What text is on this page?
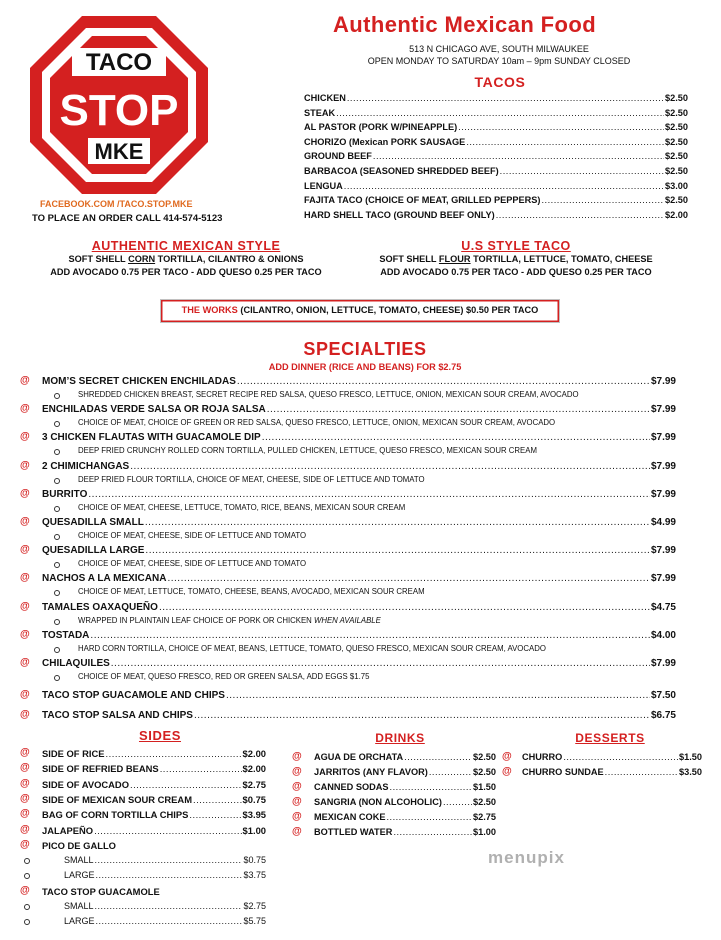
TACO
STOP
MKE
FACEBOOK.COM /TACO.STOP.MKE
TO PLACE AN ORDER CALL 414-574-5123
Authentic Mexican Food
513 N CHICAGO AVE, SOUTH MILWAUKEE
OPEN MONDAY TO SATURDAY 10am – 9pm SUNDAY CLOSED
TACOS
CHICKEN .....	$2.50
STEAK .....	$2.50
AL PASTOR (PORK W/PINEAPPLE) .....	$2.50
CHORIZO (Mexican PORK SAUSAGE .....	$2.50
GROUND BEEF .....	$2.50
BARBACOA (SEASONED SHREDDED BEEF) .....	$2.50
LENGUA .....	$3.00
FAJITA TACO (CHOICE OF MEAT, GRILLED PEPPERS) .....	$2.50
HARD SHELL TACO (GROUND BEEF ONLY) .....	$2.00
AUTHENTIC MEXICAN STYLE
SOFT SHELL CORN TORTILLA, CILANTRO & ONIONS
ADD AVOCADO 0.75 PER TACO - ADD QUESO 0.25 PER TACO
U.S STYLE TACO
SOFT SHELL FLOUR TORTILLA, LETTUCE, TOMATO, CHEESE
ADD AVOCADO 0.75 PER TACO - ADD QUESO 0.25 PER TACO
THE WORKS (CILANTRO, ONION, LETTUCE, TOMATO, CHEESE) $0.50 PER TACO
SPECIALTIES
ADD DINNER (RICE AND BEANS) FOR $2.75
@ MOM’S SECRET CHICKEN ENCHILADAS .....	$7.99
SHREDDED CHICKEN BREAST, SECRET RECIPE RED SALSA, QUESO FRESCO, LETTUCE, ONION, MEXICAN SOUR CREAM, AVOCADO
@ ENCHILADAS VERDE SALSA OR ROJA SALSA .....	$7.99
CHOICE OF MEAT, CHOICE OF GREEN OR RED SALSA, QUESO FRESCO, LETTUCE, ONION, MEXICAN SOUR CREAM, AVOCADO
@ 3 CHICKEN FLAUTAS WITH GUACAMOLE DIP .....	$7.99
DEEP FRIED CRUNCHY ROLLED CORN TORTILLA, PULLED CHICKEN, LETTUCE, QUESO FRESCO, MEXICAN SOUR CREAM
@ 2 CHIMICHANGAS .....	$7.99
DEEP FRIED FLOUR TORTILLA, CHOICE OF MEAT, CHEESE, SIDE OF LETTUCE AND TOMATO
@ BURRITO .....	$7.99
CHOICE OF MEAT, CHEESE, LETTUCE, TOMATO, RICE, BEANS, MEXICAN SOUR CREAM
@ QUESADILLA SMALL .....	$4.99
CHOICE OF MEAT, CHEESE, SIDE OF LETTUCE AND TOMATO
@ QUESADILLA LARGE .....	$7.99
CHOICE OF MEAT, CHEESE, SIDE OF LETTUCE AND TOMATO
@ NACHOS A LA MEXICANA .....	$7.99
CHOICE OF MEAT, LETTUCE, TOMATO, CHEESE, BEANS, AVOCADO, MEXICAN SOUR CREAM
@ TAMALES OAXAQUEÑO .....	$4.75
WRAPPED IN PLAINTAIN LEAF CHOICE OF PORK OR CHICKEN WHEN AVAILABLE
@ TOSTADA .....	$4.00
HARD CORN TORTILLA, CHOICE OF MEAT, BEANS, LETTUCE, TOMATO, QUESO FRESCO, MEXICAN SOUR CREAM, AVOCADO
@ CHILAQUILES .....	$7.99
CHOICE OF MEAT, QUESO FRESCO, RED OR GREEN SALSA, ADD EGGS $1.75
@ TACO STOP GUACAMOLE AND CHIPS .....	$7.50
@ TACO STOP SALSA AND CHIPS .....	$6.75
SIDES
@ SIDE OF RICE .....	$2.00
@ SIDE OF REFRIED BEANS .....	$2.00
@ SIDE OF AVOCADO .....	$2.75
@ SIDE OF MEXICAN SOUR CREAM .....	$0.75
@ BAG OF CORN TORTILLA CHIPS .....	$3.95
@ JALAPEÑO .....	$1.00
@ PICO DE GALLO
SMALL .....	$0.75
LARGE .....	$3.75
@ TACO STOP GUACAMOLE
SMALL .....	$2.75
LARGE .....	$5.75
DRINKS
@ AGUA DE ORCHATA .....	$2.50
@ JARRITOS (ANY FLAVOR) .....	$2.50
@ CANNED SODAS .....	$1.50
@ SANGRIA (NON ALCOHOLIC) .....	$2.50
@ MEXICAN COKE .....	$2.75
@ BOTTLED WATER .....	$1.00
DESSERTS
@ CHURRO .....	$1.50
@ CHURRO SUNDAE .....	$3.50
menupix
